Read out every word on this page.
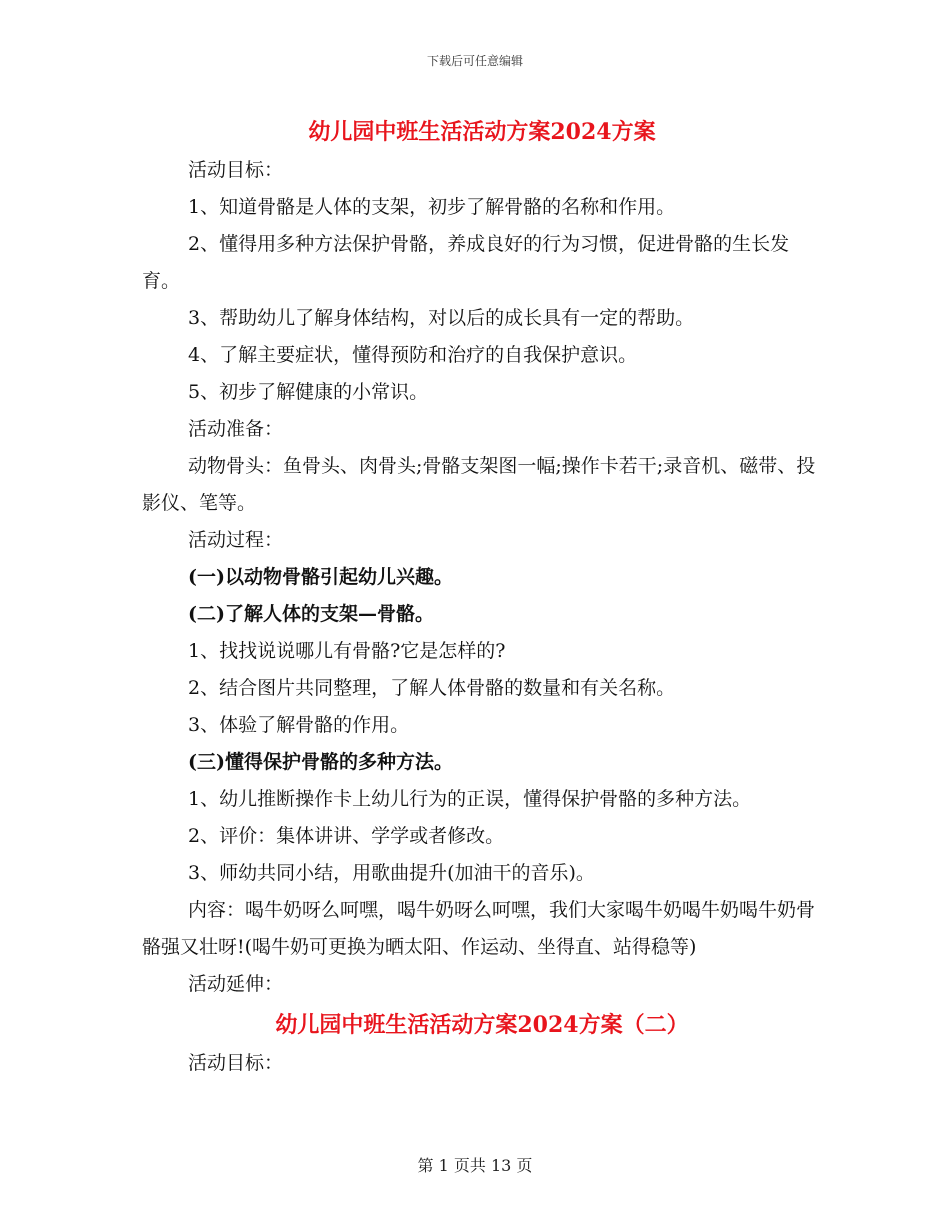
下载后可任意编辑
幼儿园中班生活活动方案2024方案
活动目标：
1、知道骨骼是人体的支架，初步了解骨骼的名称和作用。
2、懂得用多种方法保护骨骼，养成良好的行为习惯，促进骨骼的生长发育。
3、帮助幼儿了解身体结构，对以后的成长具有一定的帮助。
4、了解主要症状，懂得预防和治疗的自我保护意识。
5、初步了解健康的小常识。
活动准备：
动物骨头：鱼骨头、肉骨头;骨骼支架图一幅;操作卡若干;录音机、磁带、投影仪、笔等。
活动过程：
(一)以动物骨骼引起幼儿兴趣。
(二)了解人体的支架—骨骼。
1、找找说说哪儿有骨骼?它是怎样的?
2、结合图片共同整理，了解人体骨骼的数量和有关名称。
3、体验了解骨骼的作用。
(三)懂得保护骨骼的多种方法。
1、幼儿推断操作卡上幼儿行为的正误，懂得保护骨骼的多种方法。
2、评价：集体讲讲、学学或者修改。
3、师幼共同小结，用歌曲提升(加油干的音乐)。
内容：喝牛奶呀么呵嘿，喝牛奶呀么呵嘿，我们大家喝牛奶喝牛奶喝牛奶骨骼强又壮呀!(喝牛奶可更换为晒太阳、作运动、坐得直、站得稳等)
活动延伸：
幼儿园中班生活活动方案2024方案（二）
活动目标：
第 1 页共 13 页
